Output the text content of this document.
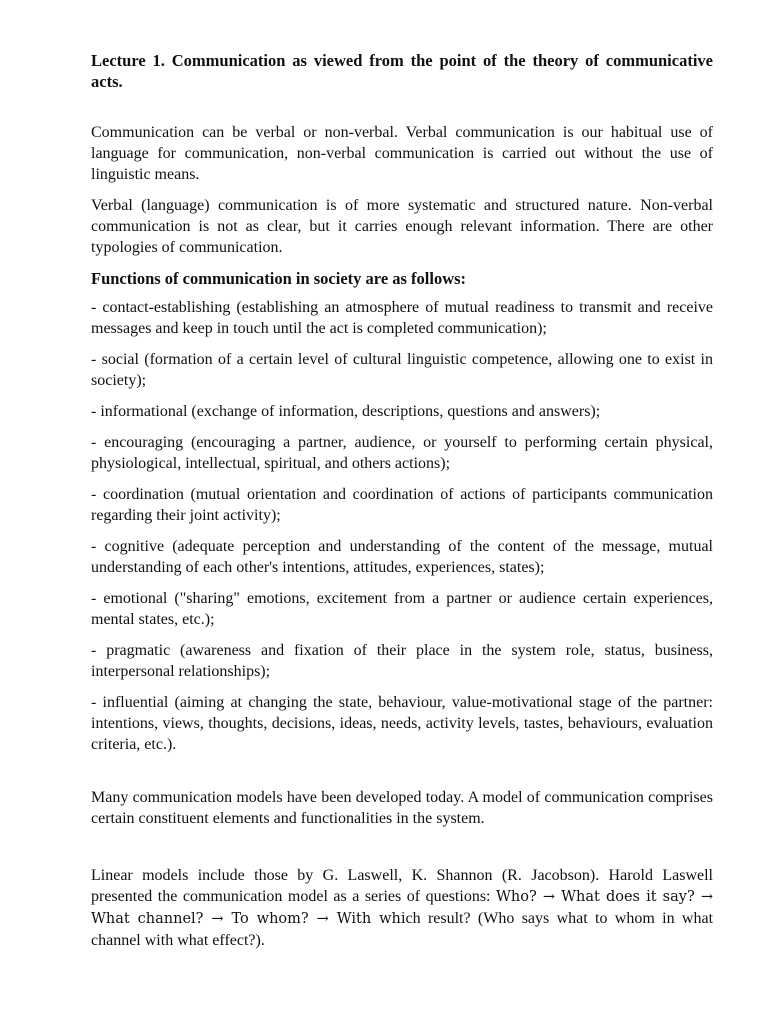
Lecture 1. Communication as viewed from the point of the theory of communicative acts.

Communication can be verbal or non-verbal. Verbal communication is our habitual use of language for communication, non-verbal communication is carried out without the use of linguistic means.

Verbal (language) communication is of more systematic and structured nature. Non-verbal communication is not as clear, but it carries enough relevant information. There are other typologies of communication.

Functions of communication in society are as follows:

- contact-establishing (establishing an atmosphere of mutual readiness to transmit and receive messages and keep in touch until the act is completed communication);

- social (formation of a certain level of cultural linguistic competence, allowing one to exist in society);

- informational (exchange of information, descriptions, questions and answers);

- encouraging (encouraging a partner, audience, or yourself to performing certain physical, physiological, intellectual, spiritual, and others actions);

- coordination (mutual orientation and coordination of actions of participants communication regarding their joint activity);

- cognitive (adequate perception and understanding of the content of the message, mutual understanding of each other's intentions, attitudes, experiences, states);

- emotional ("sharing" emotions, excitement from a partner or audience certain experiences, mental states, etc.);

- pragmatic (awareness and fixation of their place in the system role, status, business, interpersonal relationships);

- influential (aiming at changing the state, behaviour, value-motivational stage of the partner: intentions, views, thoughts, decisions, ideas, needs, activity levels, tastes, behaviours, evaluation criteria, etc.).

Many communication models have been developed today. A model of communication comprises certain constituent elements and functionalities in the system.

Linear models include those by G. Laswell, K. Shannon (R. Jacobson). Harold Laswell presented the communication model as a series of questions: Who? → What does it say? → What channel? → To whom? → With which result? (Who says what to whom in what channel with what effect?).
